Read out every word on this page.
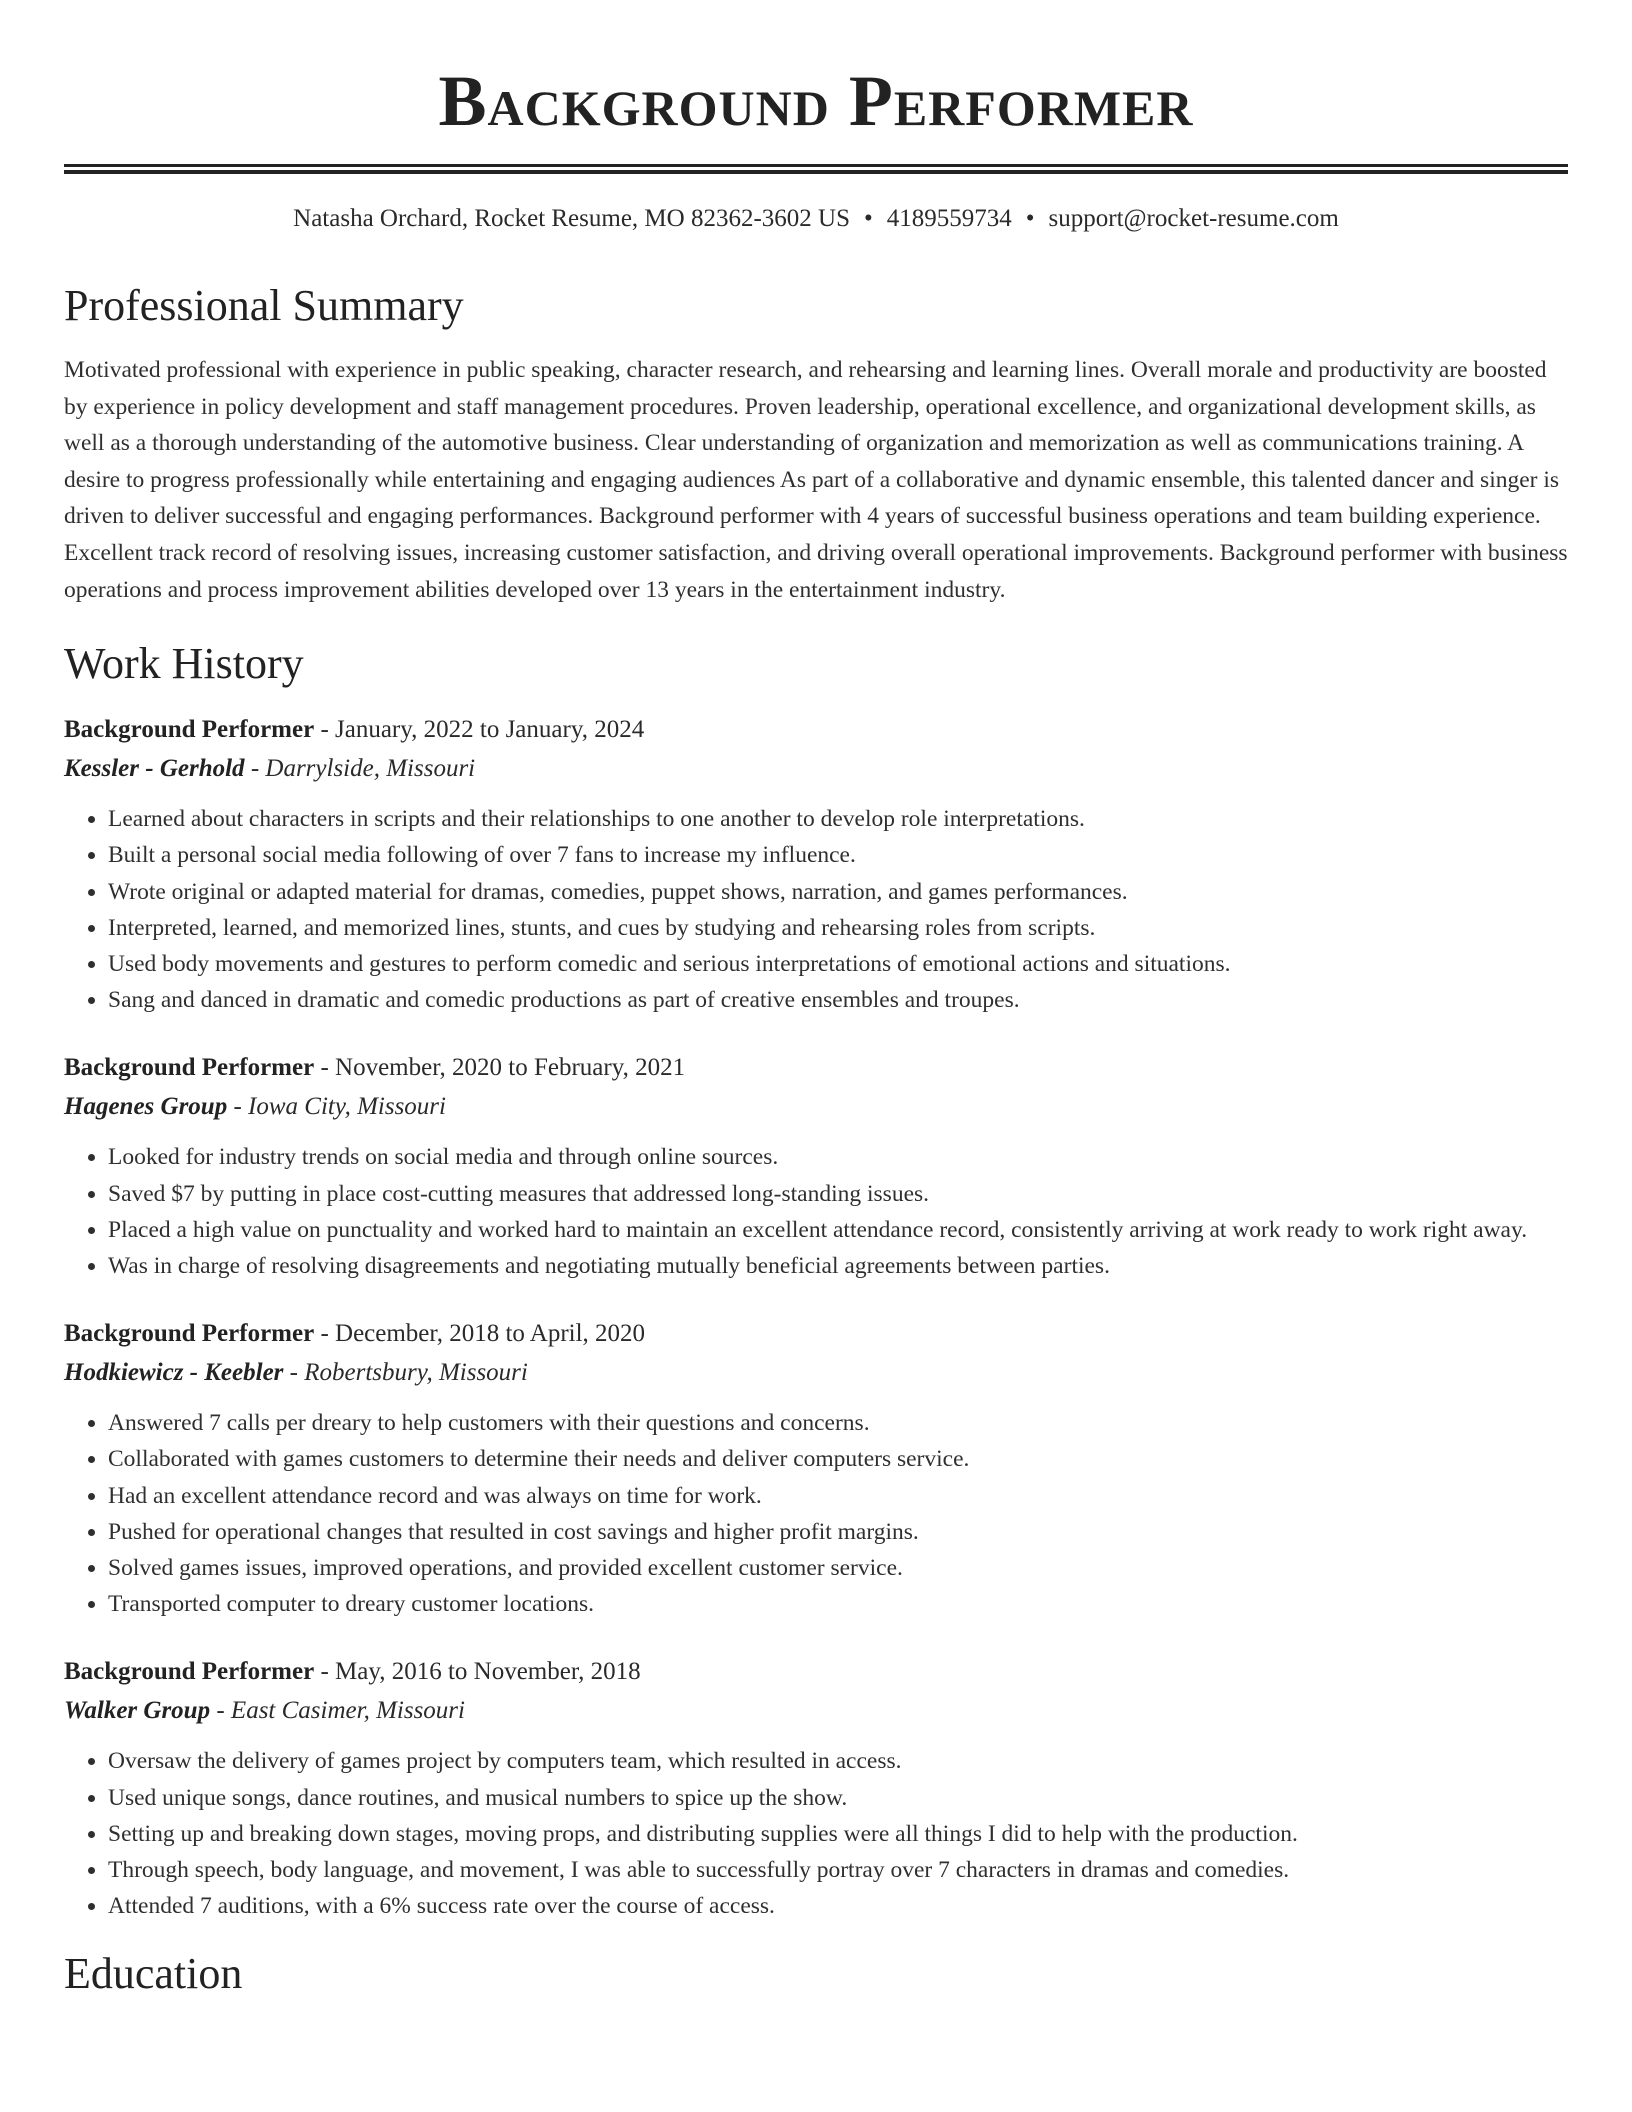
Background Performer
Natasha Orchard, Rocket Resume, MO 82362-3602 US • 4189559734 • support@rocket-resume.com
Professional Summary

Motivated professional with experience in public speaking, character research, and rehearsing and learning lines. Overall morale and productivity are boosted by experience in policy development and staff management procedures. Proven leadership, operational excellence, and organizational development skills, as well as a thorough understanding of the automotive business. Clear understanding of organization and memorization as well as communications training. A desire to progress professionally while entertaining and engaging audiences As part of a collaborative and dynamic ensemble, this talented dancer and singer is driven to deliver successful and engaging performances. Background performer with 4 years of successful business operations and team building experience. Excellent track record of resolving issues, increasing customer satisfaction, and driving overall operational improvements. Background performer with business operations and process improvement abilities developed over 13 years in the entertainment industry.

Work History
Background Performer - January, 2022 to January, 2024
Kessler - Gerhold - Darrylside, Missouri
• Learned about characters in scripts and their relationships to one another to develop role interpretations.
• Built a personal social media following of over 7 fans to increase my influence.
• Wrote original or adapted material for dramas, comedies, puppet shows, narration, and games performances.
• Interpreted, learned, and memorized lines, stunts, and cues by studying and rehearsing roles from scripts.
• Used body movements and gestures to perform comedic and serious interpretations of emotional actions and situations.
• Sang and danced in dramatic and comedic productions as part of creative ensembles and troupes.
Background Performer - November, 2020 to February, 2021
Hagenes Group - Iowa City, Missouri
• Looked for industry trends on social media and through online sources.
• Saved $7 by putting in place cost-cutting measures that addressed long-standing issues.
• Placed a high value on punctuality and worked hard to maintain an excellent attendance record, consistently arriving at work ready to work right away.
• Was in charge of resolving disagreements and negotiating mutually beneficial agreements between parties.
Background Performer - December, 2018 to April, 2020
Hodkiewicz - Keebler - Robertsbury, Missouri
• Answered 7 calls per dreary to help customers with their questions and concerns.
• Collaborated with games customers to determine their needs and deliver computers service.
• Had an excellent attendance record and was always on time for work.
• Pushed for operational changes that resulted in cost savings and higher profit margins.
• Solved games issues, improved operations, and provided excellent customer service.
• Transported computer to dreary customer locations.
Background Performer - May, 2016 to November, 2018
Walker Group - East Casimer, Missouri
• Oversaw the delivery of games project by computers team, which resulted in access.
• Used unique songs, dance routines, and musical numbers to spice up the show.
• Setting up and breaking down stages, moving props, and distributing supplies were all things I did to help with the production.
• Through speech, body language, and movement, I was able to successfully portray over 7 characters in dramas and comedies.
• Attended 7 auditions, with a 6% success rate over the course of access.
Education
